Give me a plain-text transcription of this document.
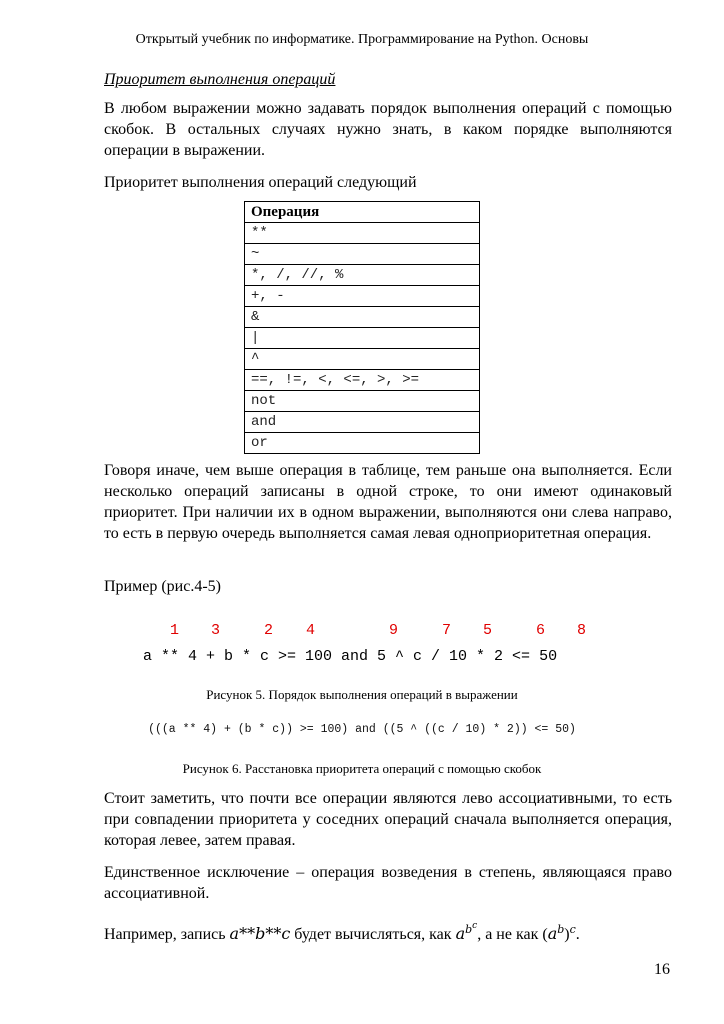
Открытый учебник по информатике. Программирование на Python. Основы
Приоритет выполнения операций
В любом выражении можно задавать порядок выполнения операций с помощью скобок. В остальных случаях нужно знать, в каком порядке выполняются операции в выражении.
Приоритет выполнения операций следующий
Операция
**
~
*, /, //, %
+, -
&
|
^
==, !=, <, <=, >, >=
not
and
or
Говоря иначе, чем выше операция в таблице, тем раньше она выполняется. Если несколько операций записаны в одной строке, то они имеют одинаковый приоритет. При наличии их в одном выражении, выполняются они слева направо, то есть в первую очередь выполняется самая левая одноприоритетная операция.
Пример (рис.4-5)
1 3	2 4	9	7 5	6 8
a ** 4 + b * c >= 100 and 5 ^ c / 10 * 2 <= 50
Рисунок 5. Порядок выполнения операций в выражении
(((a ** 4) + (b * c)) >= 100) and ((5 ^ ((c / 10) * 2)) <= 50)
Рисунок 6. Расстановка приоритета операций с помощью скобок
Стоит заметить, что почти все операции являются лево ассоциативными, то есть при совпадении приоритета у соседних операций сначала выполняется операция, которая левее, затем правая.
Единственное исключение – операция возведения в степень, являющаяся право ассоциативной.
Например, запись a**b**c будет вычисляться, как $a^{b^c}$, а не как $(a^b)^c$.
16
